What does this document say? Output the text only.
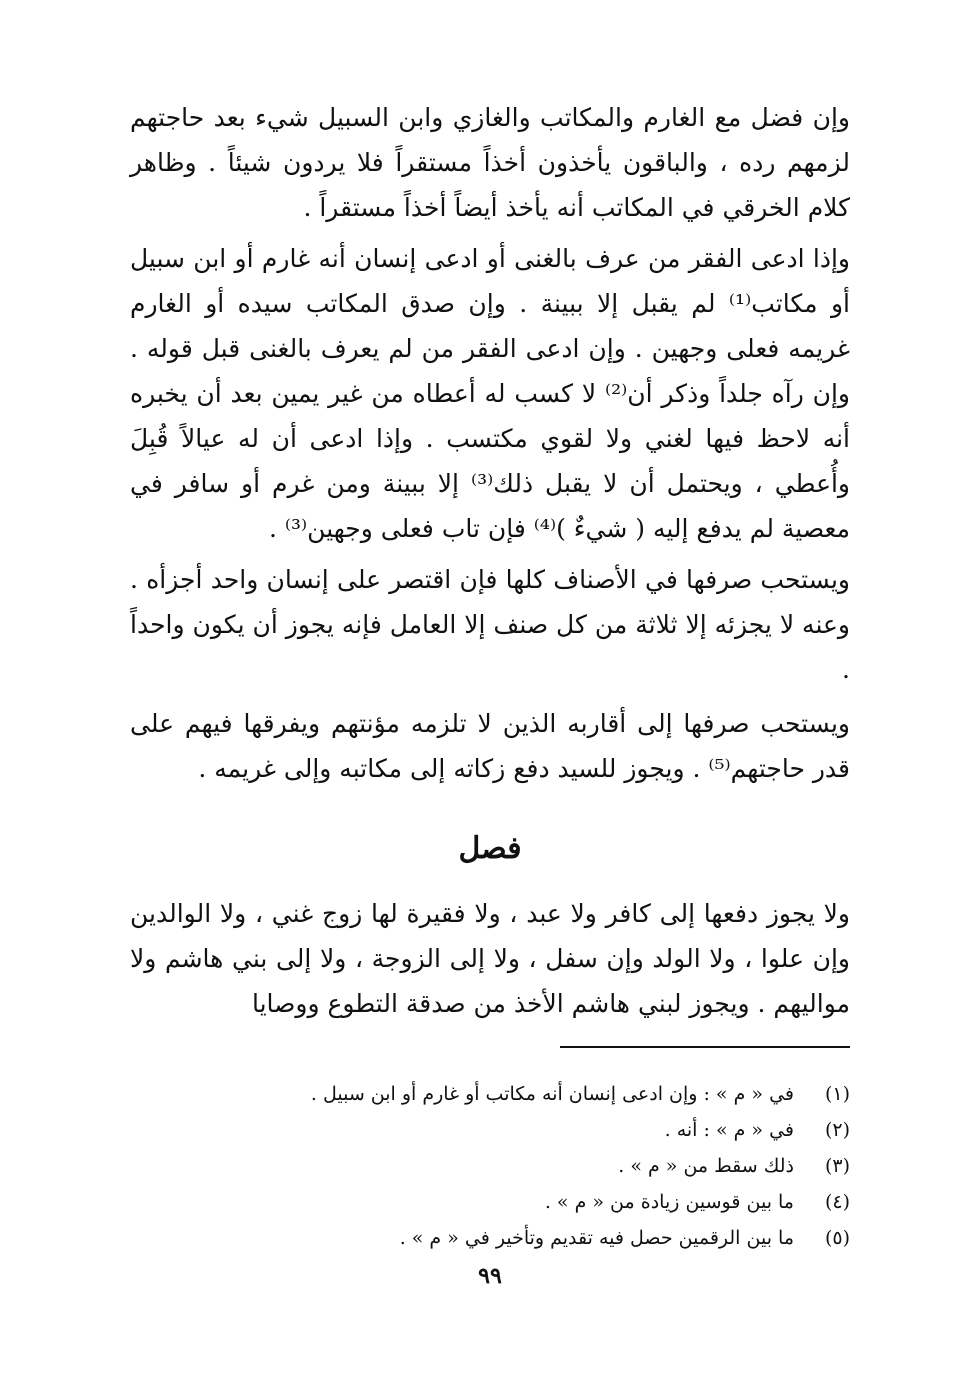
وإن فضل مع الغارم والمكاتب والغازي وابن السبيل شيء بعد حاجتهم لزمهم رده ، والباقون يأخذون أخذاً مستقراً فلا يردون شيئاً . وظاهر كلام الخرقي في المكاتب أنه يأخذ أيضاً أخذاً مستقراً .

وإذا ادعى الفقر من عرف بالغنى أو ادعى إنسان أنه غارم أو ابن سبيل أو مكاتب⁽¹⁾ لم يقبل إلا ببينة . وإن صدق المكاتب سيده أو الغارم غريمه فعلى وجهين . وإن ادعى الفقر من لم يعرف بالغنى قبل قوله . وإن رآه جلداً وذكر أن⁽²⁾ لا كسب له أعطاه من غير يمين بعد أن يخبره أنه لاحظ فيها لغني ولا لقوي مكتسب . وإذا ادعى أن له عيالاً قُبِلَ وأُعطي ، ويحتمل أن لا يقبل ذلك⁽³⁾ إلا ببينة ومن غرم أو سافر في معصية لم يدفع إليه ( شيءٌ )⁽⁴⁾ فإن تاب فعلى وجهين⁽³⁾ .

ويستحب صرفها في الأصناف كلها فإن اقتصر على إنسان واحد أجزأه . وعنه لا يجزئه إلا ثلاثة من كل صنف إلا العامل فإنه يجوز أن يكون واحداً .

ويستحب صرفها إلى أقاربه الذين لا تلزمه مؤنتهم ويفرقها فيهم على قدر حاجتهم⁽⁵⁾ . ويجوز للسيد دفع زكاته إلى مكاتبه وإلى غريمه .

فصل

ولا يجوز دفعها إلى كافر ولا عبد ، ولا فقيرة لها زوج غني ، ولا الوالدين وإن علوا ، ولا الولد وإن سفل ، ولا إلى الزوجة ، ولا إلى بني هاشم ولا مواليهم . ويجوز لبني هاشم الأخذ من صدقة التطوع ووصايا

(١)
في « م » : وإن ادعى إنسان أنه مكاتب أو غارم أو ابن سبيل .
(٢)
في « م » : أنه .
(٣)
ذلك سقط من « م » .
(٤)
ما بين قوسين زيادة من « م » .
(٥)
ما بين الرقمين حصل فيه تقديم وتأخير في « م » .
٩٩
